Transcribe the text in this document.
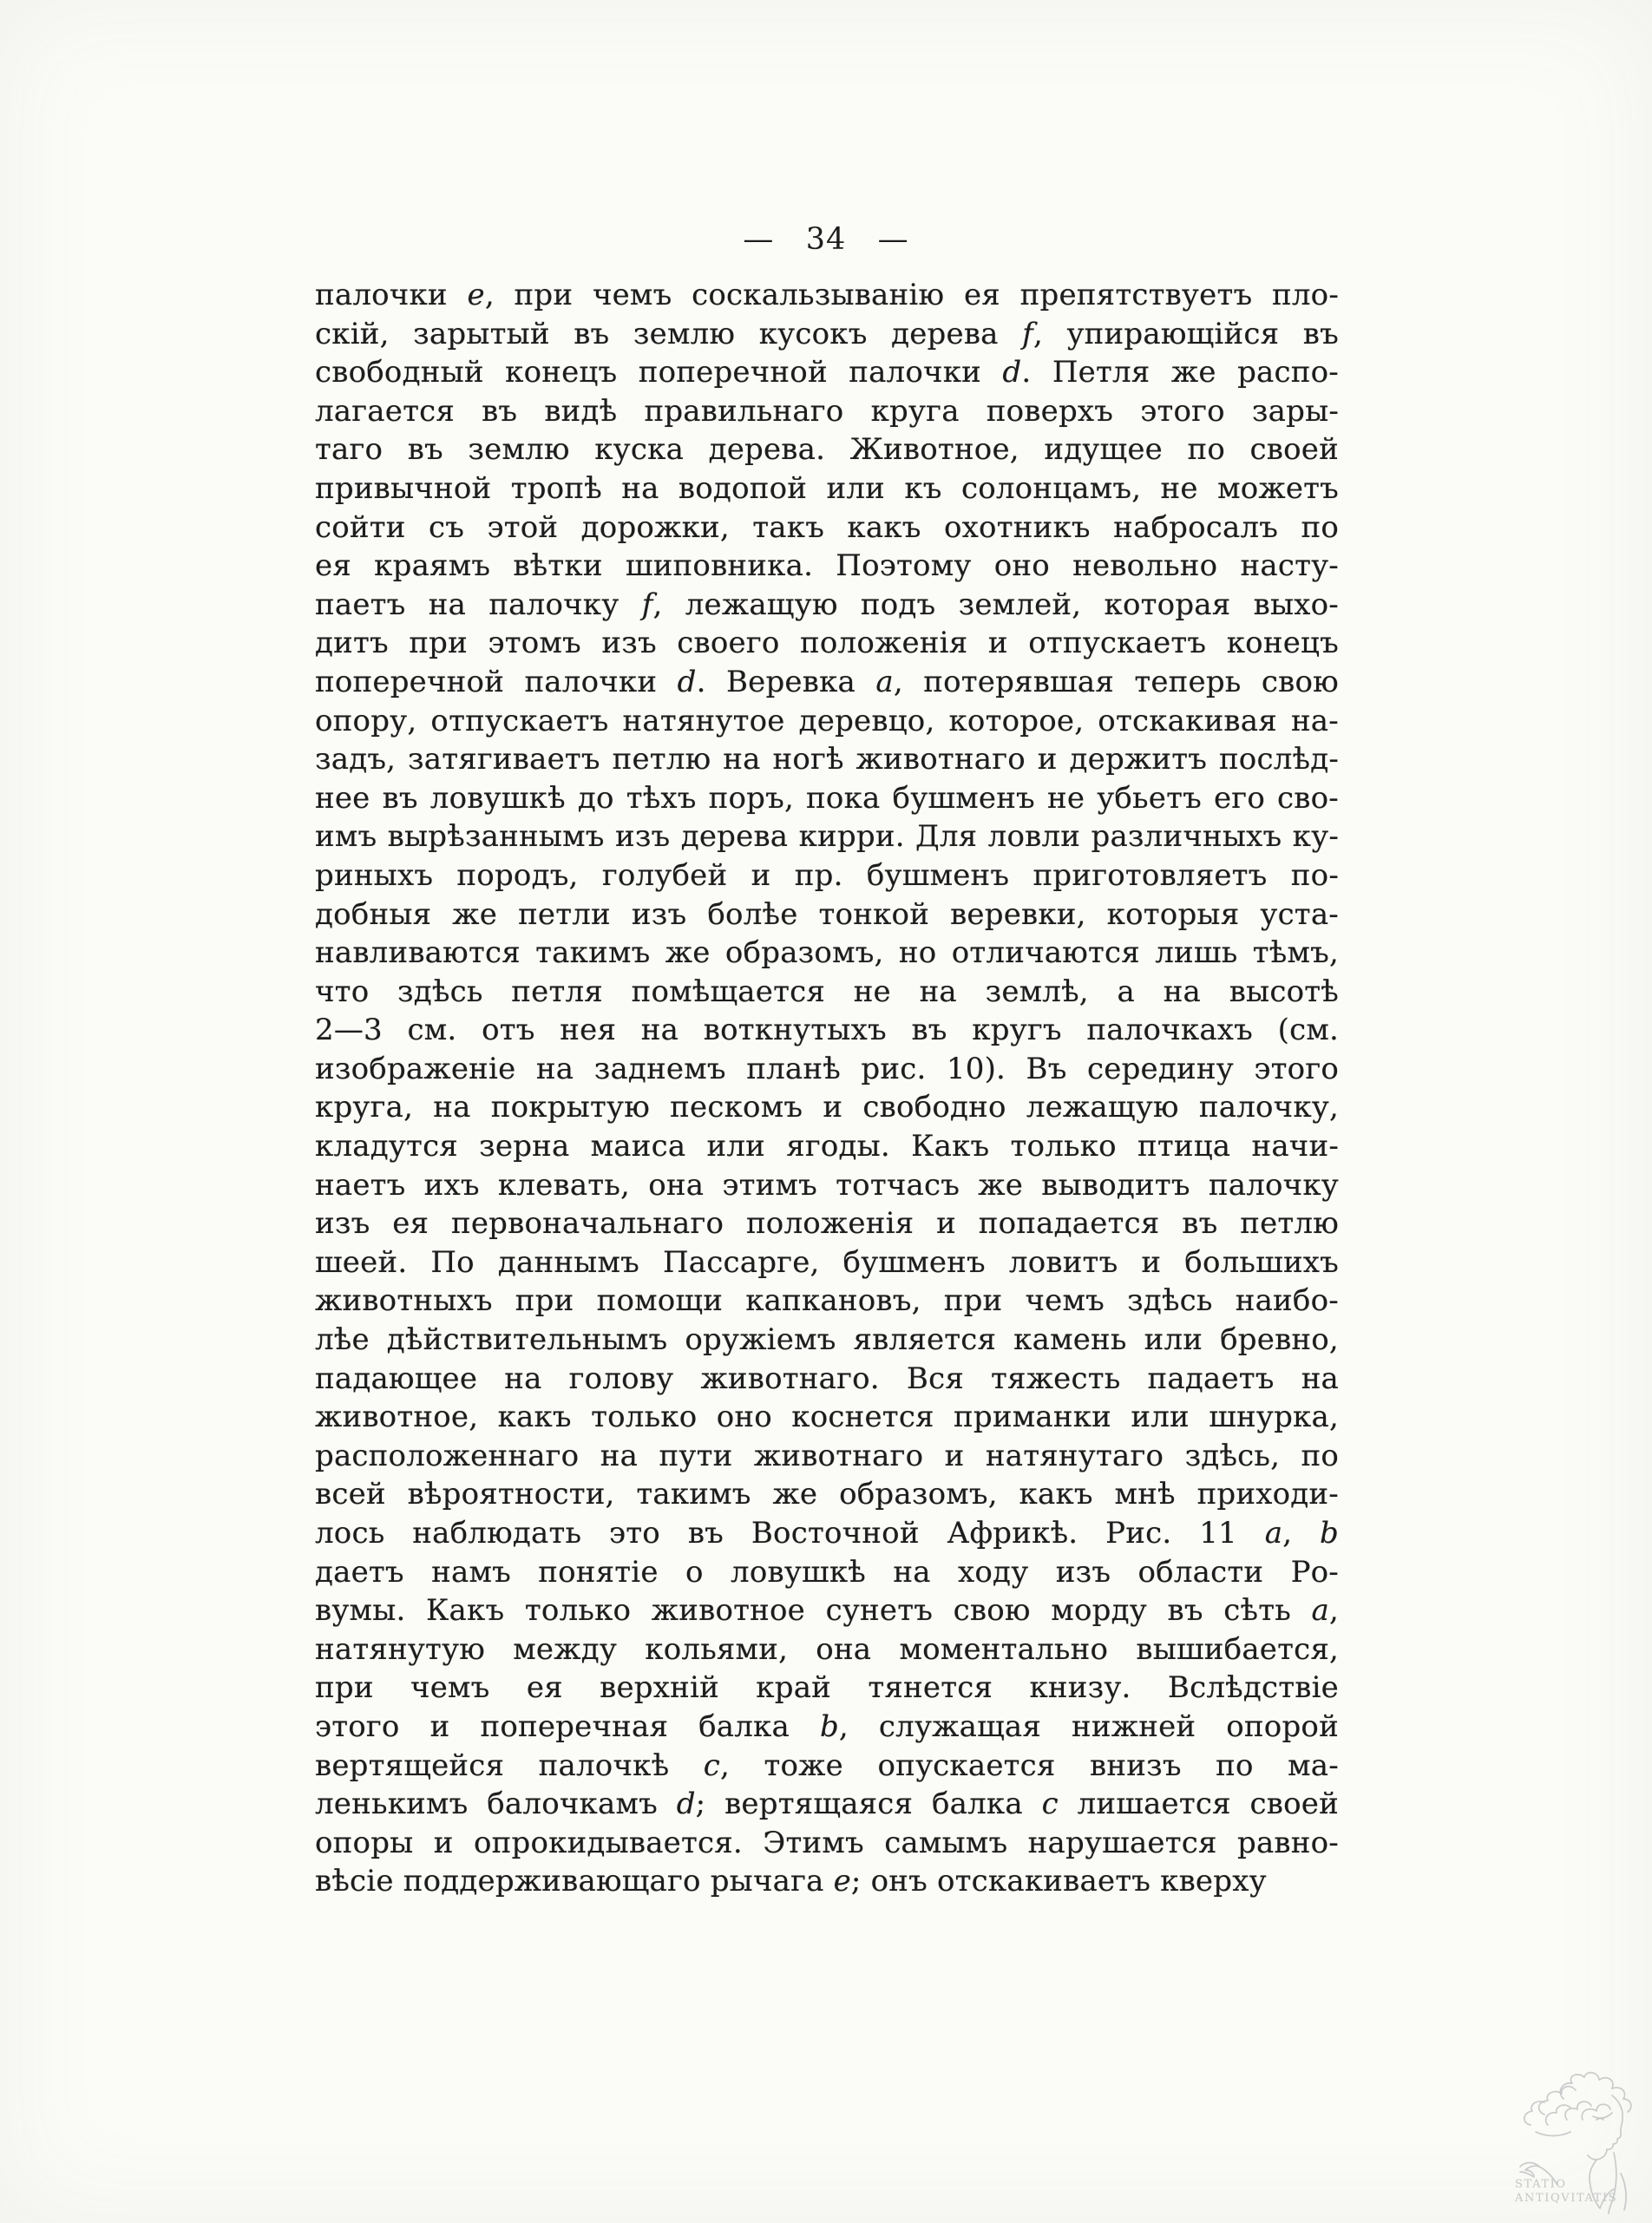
—   34   —
палочки e, при чемъ соскальзыванію ея препятствуетъ пло-
скій, зарытый въ землю кусокъ дерева f, упирающійся въ
свободный конецъ поперечной палочки d. Петля же распо-
лагается въ видѣ правильнаго круга поверхъ этого зары-
таго въ землю куска дерева. Животное, идущее по своей
привычной тропѣ на водопой или къ солонцамъ, не можетъ
сойти съ этой дорожки, такъ какъ охотникъ набросалъ по
ея краямъ вѣтки шиповника. Поэтому оно невольно насту-
паетъ на палочку f, лежащую подъ землей, которая выхо-
дитъ при этомъ изъ своего положенія и отпускаетъ конецъ
поперечной палочки d. Веревка a, потерявшая теперь свою
опору, отпускаетъ натянутое деревцо, которое, отскакивая на-
задъ, затягиваетъ петлю на ногѣ животнаго и держитъ послѣд-
нее въ ловушкѣ до тѣхъ поръ, пока бушменъ не убьетъ его сво-
имъ вырѣзаннымъ изъ дерева кирри. Для ловли различныхъ ку-
риныхъ породъ, голубей и пр. бушменъ приготовляетъ по-
добныя же петли изъ болѣе тонкой веревки, которыя уста-
навливаются такимъ же образомъ, но отличаются лишь тѣмъ,
что здѣсь петля помѣщается не на землѣ, а на высотѣ
2—3 см. отъ нея на воткнутыхъ въ кругъ палочкахъ (см.
изображеніе на заднемъ планѣ рис. 10). Въ середину этого
круга, на покрытую пескомъ и свободно лежащую палочку,
кладутся зерна маиса или ягоды. Какъ только птица начи-
наетъ ихъ клевать, она этимъ тотчасъ же выводитъ палочку
изъ ея первоначальнаго положенія и попадается въ петлю
шеей. По даннымъ Пассарге, бушменъ ловитъ и большихъ
животныхъ при помощи капкановъ, при чемъ здѣсь наибо-
лѣе дѣйствительнымъ оружіемъ является камень или бревно,
падающее на голову животнаго. Вся тяжесть падаетъ на
животное, какъ только оно коснется приманки или шнурка,
расположеннаго на пути животнаго и натянутаго здѣсь, по
всей вѣроятности, такимъ же образомъ, какъ мнѣ приходи-
лось наблюдать это въ Восточной Африкѣ. Рис. 11 a, b
даетъ намъ понятіе о ловушкѣ на ходу изъ области Ро-
вумы. Какъ только животное сунетъ свою морду въ сѣть a,
натянутую между кольями, она моментально вышибается,
при чемъ ея верхній край тянется книзу. Вслѣдствіе
этого и поперечная балка b, служащая нижней опорой
вертящейся палочкѣ c, тоже опускается внизъ по ма-
ленькимъ балочкамъ d; вертящаяся балка c лишается своей
опоры и опрокидывается. Этимъ самымъ нарушается равно-
вѣсіе поддерживающаго рычага e; онъ отскакиваетъ кверху
STATIO
ANTIQVITATIS
